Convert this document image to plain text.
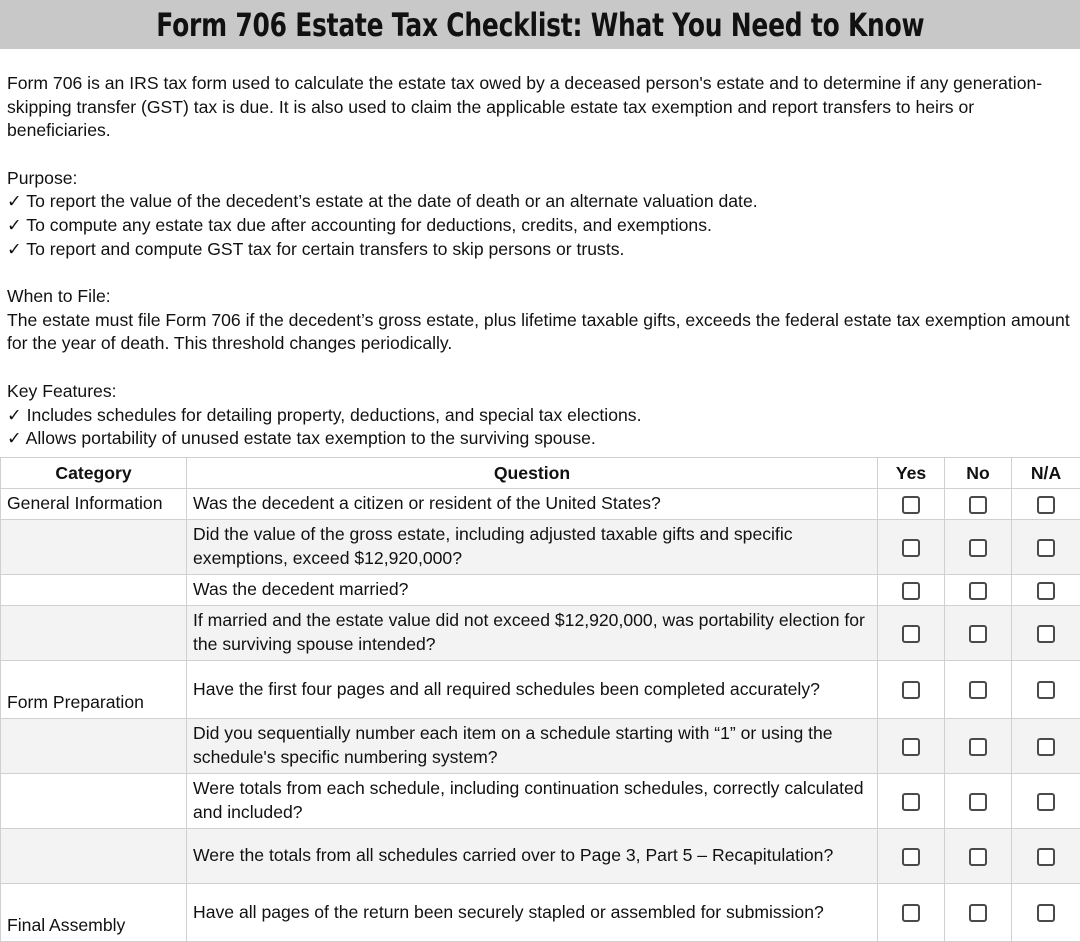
Form 706 Estate Tax Checklist: What You Need to Know

Form 706 is an IRS tax form used to calculate the estate tax owed by a deceased person's estate and to determine if any generation-skipping transfer (GST) tax is due. It is also used to claim the applicable estate tax exemption and report transfers to heirs or beneficiaries.

Purpose:

✓ To report the value of the decedent’s estate at the date of death or an alternate valuation date.

✓ To compute any estate tax due after accounting for deductions, credits, and exemptions.

✓ To report and compute GST tax for certain transfers to skip persons or trusts.

When to File:

The estate must file Form 706 if the decedent’s gross estate, plus lifetime taxable gifts, exceeds the federal estate tax exemption amount for the year of death. This threshold changes periodically.

Key Features:

✓ Includes schedules for detailing property, deductions, and special tax elections.

✓ Allows portability of unused estate tax exemption to the surviving spouse.

Category	Question	Yes	No	N/A
General Information	Was the decedent a citizen or resident of the United States?			
	Did the value of the gross estate, including adjusted taxable gifts and specific exemptions, exceed $12,920,000?			
	Was the decedent married?			
	If married and the estate value did not exceed $12,920,000, was portability election for the surviving spouse intended?			
Form Preparation	Have the first four pages and all required schedules been completed accurately?			
	Did you sequentially number each item on a schedule starting with “1” or using the schedule's specific numbering system?			
	Were totals from each schedule, including continuation schedules, correctly calculated and included?			
	Were the totals from all schedules carried over to Page 3, Part 5 – Recapitulation?			
Final Assembly	Have all pages of the return been securely stapled or assembled for submission?			
